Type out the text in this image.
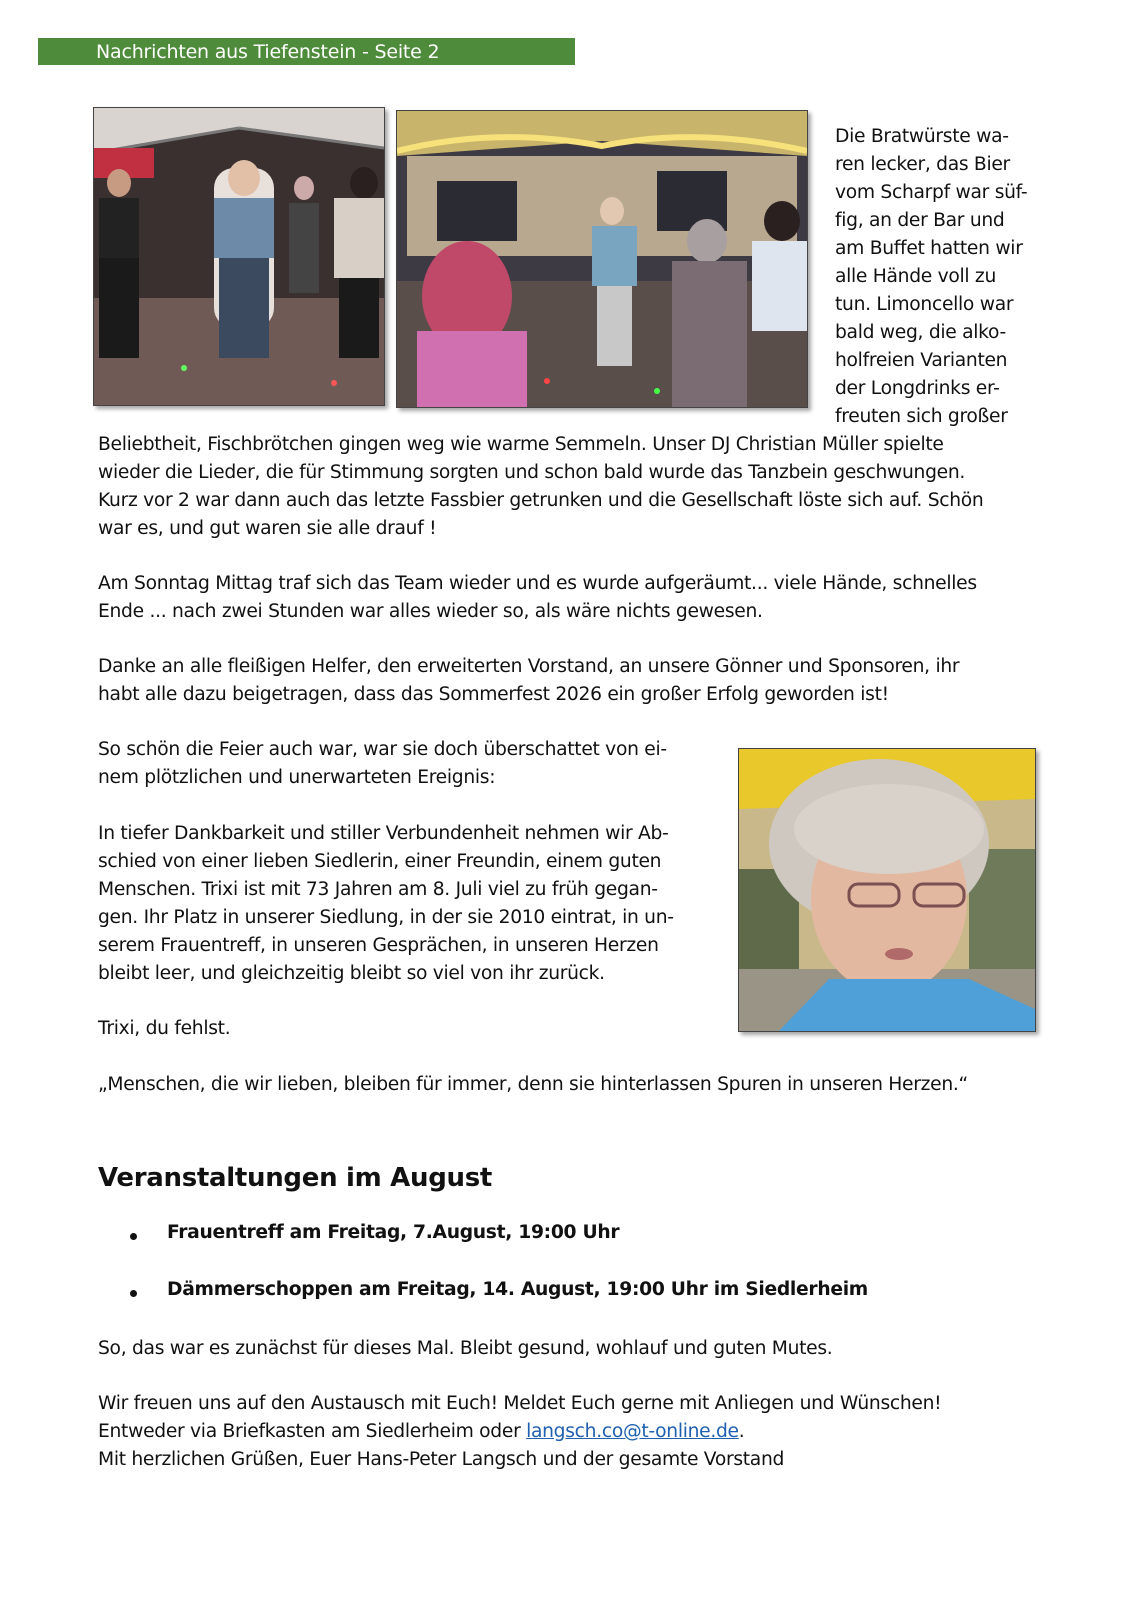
Nachrichten aus Tiefenstein - Seite 2
Die Bratwürste wa-
ren lecker, das Bier
vom Scharpf war süf-
fig, an der Bar und
am Buffet hatten wir
alle Hände voll zu
tun. Limoncello war
bald weg, die alko-
holfreien Varianten
der Longdrinks er-
freuten sich großer
Beliebtheit, Fischbrötchen gingen weg wie warme Semmeln. Unser DJ Christian Müller spielte
wieder die Lieder, die für Stimmung sorgten und schon bald wurde das Tanzbein geschwungen.
Kurz vor 2 war dann auch das letzte Fassbier getrunken und die Gesellschaft löste sich auf. Schön
war es, und gut waren sie alle drauf !
Am Sonntag Mittag traf sich das Team wieder und es wurde aufgeräumt... viele Hände, schnelles
Ende ... nach zwei Stunden war alles wieder so, als wäre nichts gewesen.
Danke an alle fleißigen Helfer, den erweiterten Vorstand, an unsere Gönner und Sponsoren, ihr
habt alle dazu beigetragen, dass das Sommerfest 2026 ein großer Erfolg geworden ist!
So schön die Feier auch war, war sie doch überschattet von ei-
nem plötzlichen und unerwarteten Ereignis:
In tiefer Dankbarkeit und stiller Verbundenheit nehmen wir Ab-
schied von einer lieben Siedlerin, einer Freundin, einem guten
Menschen. Trixi ist mit 73 Jahren am 8. Juli viel zu früh gegan-
gen. Ihr Platz in unserer Siedlung, in der sie 2010 eintrat, in un-
serem Frauentreff, in unseren Gesprächen, in unseren Herzen
bleibt leer, und gleichzeitig bleibt so viel von ihr zurück.
Trixi, du fehlst.
„Menschen, die wir lieben, bleiben für immer, denn sie hinterlassen Spuren in unseren Herzen.“
Veranstaltungen im August
Frauentreff am Freitag, 7.August, 19:00 Uhr
Dämmerschoppen am Freitag, 14. August, 19:00 Uhr im Siedlerheim
So, das war es zunächst für dieses Mal. Bleibt gesund, wohlauf und guten Mutes.
Wir freuen uns auf den Austausch mit Euch! Meldet Euch gerne mit Anliegen und Wünschen!
Entweder via Briefkasten am Siedlerheim oder langsch.co@t-online.de.
Mit herzlichen Grüßen, Euer Hans-Peter Langsch und der gesamte Vorstand
